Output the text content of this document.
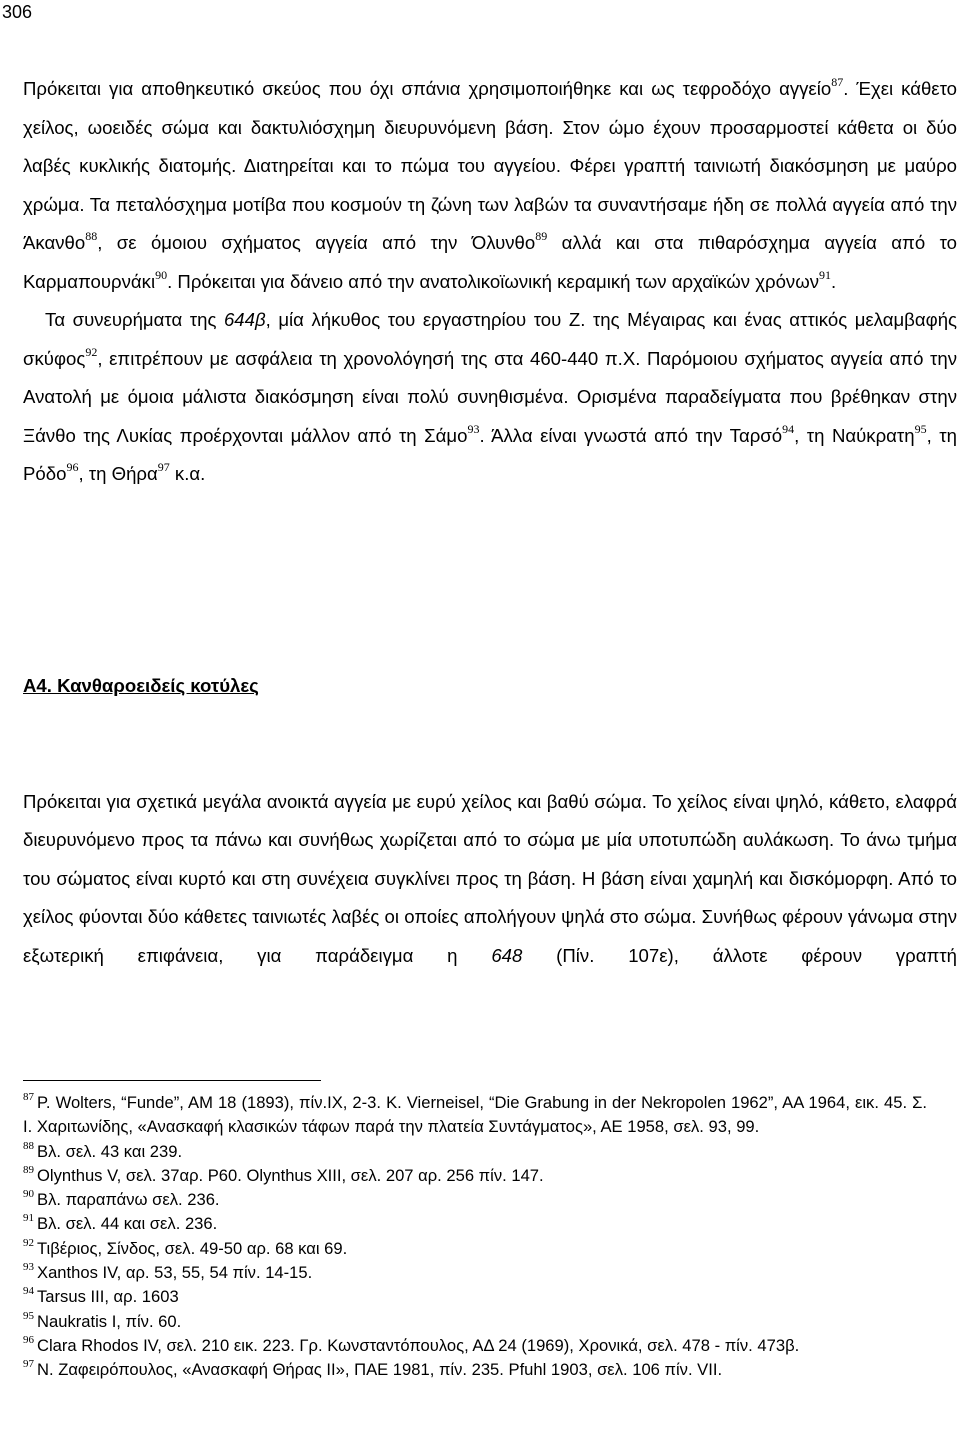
306

Πρόκειται για αποθηκευτικό σκεύος που όχι σπάνια χρησιμοποιήθηκε και ως τεφροδόχο αγγείο$^{87}$. Έχει κάθετο χείλος, ωοειδές σώμα και δακτυλιόσχημη διευρυνόμενη βάση. Στον ώμο έχουν προσαρμοστεί κάθετα οι δύο λαβές κυκλικής διατομής. Διατηρείται και το πώμα του αγγείου. Φέρει γραπτή ταινιωτή διακόσμηση με μαύρο χρώμα. Τα πεταλόσχημα μοτίβα που κοσμούν τη ζώνη των λαβών τα συναντήσαμε ήδη σε πολλά αγγεία από την Άκανθο$^{88}$, σε όμοιου σχήματος αγγεία από την Όλυνθο$^{89}$ αλλά και στα πιθαρόσχημα αγγεία από το Καρμαπουρνάκι$^{90}$. Πρόκειται για δάνειο από την ανατολικοϊωνική κεραμική των αρχαϊκών χρόνων$^{91}$.

Τα συνευρήματα της 644β, μία λήκυθος του εργαστηρίου του Z. της Μέγαιρας και ένας αττικός μελαμβαφής σκύφος$^{92}$, επιτρέπουν με ασφάλεια τη χρονολόγησή της στα 460-440 π.Χ. Παρόμοιου σχήματος αγγεία από την Ανατολή με όμοια μάλιστα διακόσμηση είναι πολύ συνηθισμένα. Ορισμένα παραδείγματα που βρέθηκαν στην Ξάνθο της Λυκίας προέρχονται μάλλον από τη Σάμο$^{93}$. Άλλα είναι γνωστά από την Ταρσό$^{94}$, τη Ναύκρατη$^{95}$, τη Ρόδο$^{96}$, τη Θήρα$^{97}$ κ.α.

Α4. Κανθαροειδείς κοτύλες

Πρόκειται για σχετικά μεγάλα ανοικτά αγγεία με ευρύ χείλος και βαθύ σώμα. Το χείλος είναι ψηλό, κάθετο, ελαφρά διευρυνόμενο προς τα πάνω και συνήθως χωρίζεται από το σώμα με μία υποτυπώδη αυλάκωση. Το άνω τμήμα του σώματος είναι κυρτό και στη συνέχεια συγκλίνει προς τη βάση. Η βάση είναι χαμηλή και δισκόμορφη. Από το χείλος φύονται δύο κάθετες ταινιωτές λαβές οι οποίες απολήγουν ψηλά στο σώμα. Συνήθως φέρουν γάνωμα στην εξωτερική επιφάνεια, για παράδειγμα η 648 (Πίν. 107ε), άλλοτε φέρουν γραπτή

$^{87}$ P. Wolters, “Funde”, AM 18 (1893), πίν.IX, 2-3. K. Vierneisel, “Die Grabung in der Nekropolen 1962”, AA 1964, εικ. 45. Σ. Ι. Χαριτωνίδης, «Ανασκαφή κλασικών τάφων παρά την πλατεία Συντάγματος», ΑΕ 1958, σελ. 93, 99.
$^{88}$ Βλ. σελ. 43 και 239.
$^{89}$ Olynthus V, σελ. 37αρ. P60. Olynthus XIII, σελ. 207 αρ. 256 πίν. 147.
$^{90}$ Βλ. παραπάνω σελ. 236.
$^{91}$ Βλ. σελ. 44 και σελ. 236.
$^{92}$ Τιβέριος, Σίνδος, σελ. 49-50 αρ. 68 και 69.
$^{93}$ Xanthos IV, αρ. 53, 55, 54 πίν. 14-15.
$^{94}$ Tarsus III, αρ. 1603
$^{95}$ Naukratis I, πίν. 60.
$^{96}$ Clara Rhodos IV, σελ. 210 εικ. 223. Γρ. Κωνσταντόπουλος, ΑΔ 24 (1969), Χρονικά, σελ. 478 - πίν. 473β.
$^{97}$ Ν. Ζαφειρόπουλος, «Ανασκαφή Θήρας ΙΙ», ΠΑΕ 1981, πίν. 235. Pfuhl 1903, σελ. 106 πίν. VII.
